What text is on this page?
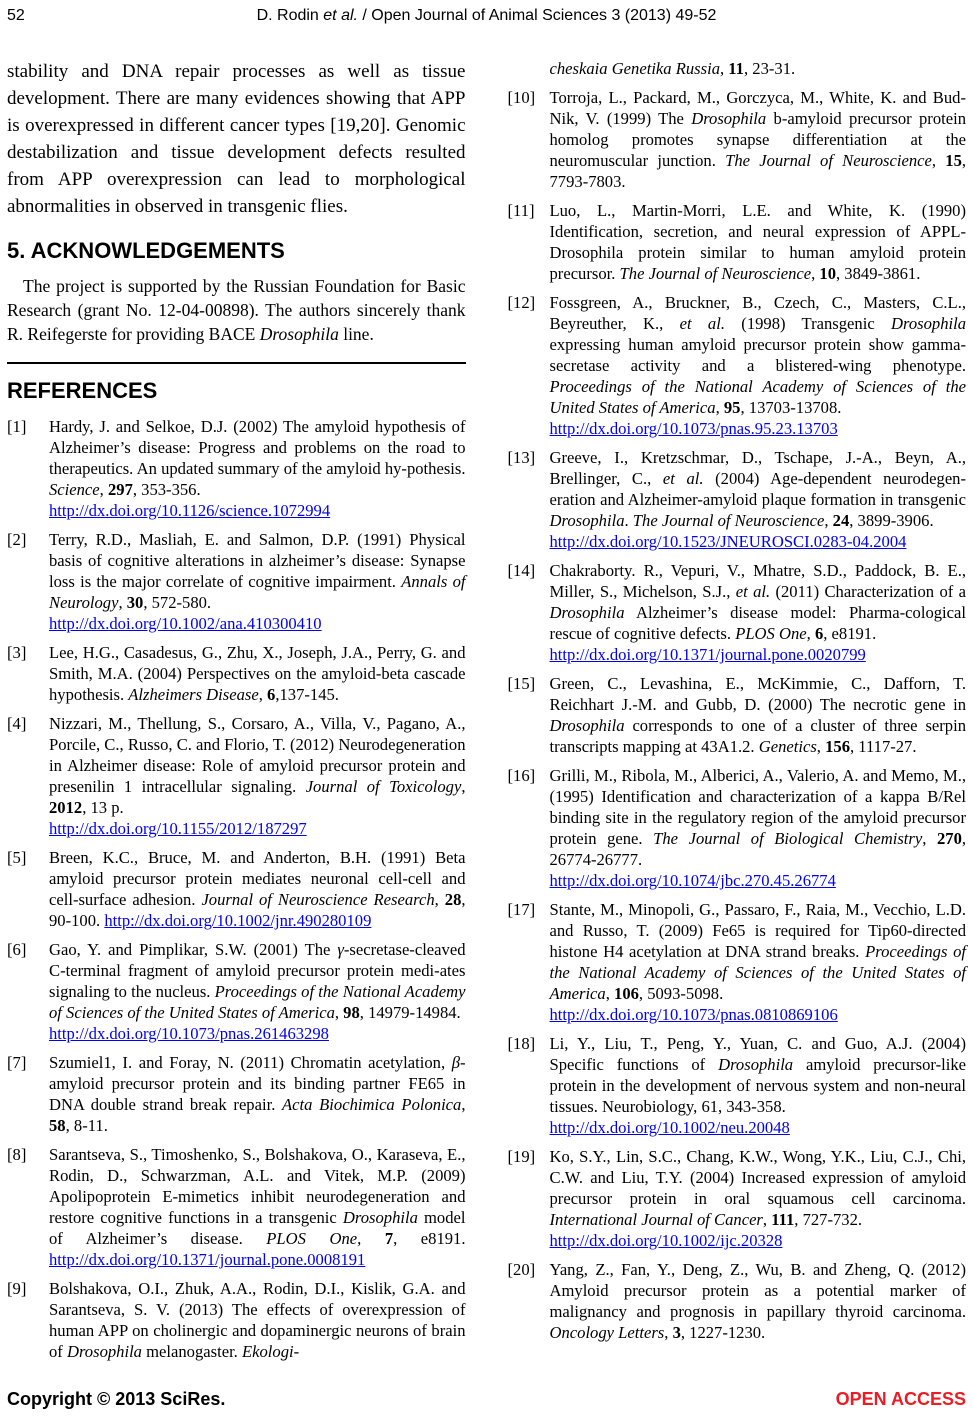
52	D. Rodin et al. / Open Journal of Animal Sciences 3 (2013) 49-52

stability and DNA repair processes as well as tissue development. There are many evidences showing that APP is overexpressed in different cancer types [19,20]. Genomic destabilization and tissue development defects resulted from APP overexpression can lead to morphological abnormalities in observed in transgenic flies.

5. ACKNOWLEDGEMENTS

The project is supported by the Russian Foundation for Basic Research (grant No. 12-04-00898). The authors sincerely thank R. Reifegerste for providing BACE Drosophila line.

REFERENCES
[1]	Hardy, J. and Selkoe, D.J. (2002) The amyloid hypothesis of Alzheimer’s disease: Progress and problems on the road to therapeutics. An updated summary of the amyloid hy-pothesis. Science, 297, 353-356.
http://dx.doi.org/10.1126/science.1072994
[2]	Terry, R.D., Masliah, E. and Salmon, D.P. (1991) Physical basis of cognitive alterations in alzheimer’s disease: Synapse loss is the major correlate of cognitive impairment. Annals of Neurology, 30, 572-580.
http://dx.doi.org/10.1002/ana.410300410
[3]	Lee, H.G., Casadesus, G., Zhu, X., Joseph, J.A., Perry, G. and Smith, M.A. (2004) Perspectives on the amyloid-beta cascade hypothesis. Alzheimers Disease, 6,137-145.
[4]	Nizzari, M., Thellung, S., Corsaro, A., Villa, V., Pagano, A., Porcile, C., Russo, C. and Florio, T. (2012) Neurodegeneration in Alzheimer disease: Role of amyloid precursor protein and presenilin 1 intracellular signaling. Journal of Toxicology, 2012, 13 p.
http://dx.doi.org/10.1155/2012/187297
[5]	Breen, K.C., Bruce, M. and Anderton, B.H. (1991) Beta amyloid precursor protein mediates neuronal cell-cell and cell-surface adhesion. Journal of Neuroscience Research, 28, 90-100. http://dx.doi.org/10.1002/jnr.490280109
[6]	Gao, Y. and Pimplikar, S.W. (2001) The γ-secretase-cleaved C-terminal fragment of amyloid precursor protein medi-ates signaling to the nucleus. Proceedings of the National Academy of Sciences of the United States of America, 98, 14979-14984.
http://dx.doi.org/10.1073/pnas.261463298
[7]	Szumiel1, I. and Foray, N. (2011) Chromatin acetylation, β-amyloid precursor protein and its binding partner FE65 in DNA double strand break repair. Acta Biochimica Polonica, 58, 8-11.
[8]	Sarantseva, S., Timoshenko, S., Bolshakova, O., Karaseva, E., Rodin, D., Schwarzman, A.L. and Vitek, M.P. (2009) Apolipoprotein E-mimetics inhibit neurodegeneration and restore cognitive functions in a transgenic Drosophila model of Alzheimer’s disease. PLOS One, 7, e8191. http://dx.doi.org/10.1371/journal.pone.0008191
[9]	Bolshakova, O.I., Zhuk, A.A., Rodin, D.I., Kislik, G.A. and Sarantseva, S. V. (2013) The effects of overexpression of human APP on cholinergic and dopaminergic neurons of brain of Drosophila melanogaster. Ekologi-
cheskaia Genetika Russia, 11, 23-31.
[10] Torroja, L., Packard, M., Gorczyca, M., White, K. and Bud-Nik, V. (1999) The Drosophila b-amyloid precursor protein homolog promotes synapse differentiation at the neuromuscular junction. The Journal of Neuroscience, 15, 7793-7803.
[11] Luo, L., Martin-Morri, L.E. and White, K. (1990) Identification, secretion, and neural expression of APPL-Drosophila protein similar to human amyloid protein precursor. The Journal of Neuroscience, 10, 3849-3861.
[12] Fossgreen, A., Bruckner, B., Czech, C., Masters, C.L., Beyreuther, K., et al. (1998) Transgenic Drosophila expressing human amyloid precursor protein show gamma-secretase activity and a blistered-wing phenotype. Proceedings of the National Academy of Sciences of the United States of America, 95, 13703-13708.
http://dx.doi.org/10.1073/pnas.95.23.13703
[13] Greeve, I., Kretzschmar, D., Tschape, J.-A., Beyn, A., Brellinger, C., et al. (2004) Age-dependent neurodegen-eration and Alzheimer-amyloid plaque formation in transgenic Drosophila. The Journal of Neuroscience, 24, 3899-3906.
http://dx.doi.org/10.1523/JNEUROSCI.0283-04.2004
[14] Chakraborty. R., Vepuri, V., Mhatre, S.D., Paddock, B. E., Miller, S., Michelson, S.J., et al. (2011) Characterization of a Drosophila Alzheimer’s disease model: Pharma-cological rescue of cognitive defects. PLOS One, 6, e8191.
http://dx.doi.org/10.1371/journal.pone.0020799
[15] Green, C., Levashina, E., McKimmie, C., Dafforn, T. Reichhart J.-M. and Gubb, D. (2000) The necrotic gene in Drosophila corresponds to one of a cluster of three serpin transcripts mapping at 43A1.2. Genetics, 156, 1117-27.
[16] Grilli, M., Ribola, M., Alberici, A., Valerio, A. and Memo, M., (1995) Identification and characterization of a kappa B/Rel binding site in the regulatory region of the amyloid precursor protein gene. The Journal of Biological Chemistry, 270, 26774-26777.
http://dx.doi.org/10.1074/jbc.270.45.26774
[17] Stante, M., Minopoli, G., Passaro, F., Raia, M., Vecchio, L.D. and Russo, T. (2009) Fe65 is required for Tip60-directed histone H4 acetylation at DNA strand breaks. Proceedings of the National Academy of Sciences of the United States of America, 106, 5093-5098.
http://dx.doi.org/10.1073/pnas.0810869106
[18] Li, Y., Liu, T., Peng, Y., Yuan, C. and Guo, A.J. (2004) Specific functions of Drosophila amyloid precursor-like protein in the development of nervous system and non-neural tissues. Neurobiology, 61, 343-358.
http://dx.doi.org/10.1002/neu.20048
[19] Ko, S.Y., Lin, S.C., Chang, K.W., Wong, Y.K., Liu, C.J., Chi, C.W. and Liu, T.Y. (2004) Increased expression of amyloid precursor protein in oral squamous cell carcinoma. International Journal of Cancer, 111, 727-732.
http://dx.doi.org/10.1002/ijc.20328
[20] Yang, Z., Fan, Y., Deng, Z., Wu, B. and Zheng, Q. (2012) Amyloid precursor protein as a potential marker of malignancy and prognosis in papillary thyroid carcinoma. Oncology Letters, 3, 1227-1230.
Copyright © 2013 SciRes.	OPEN ACCESS
